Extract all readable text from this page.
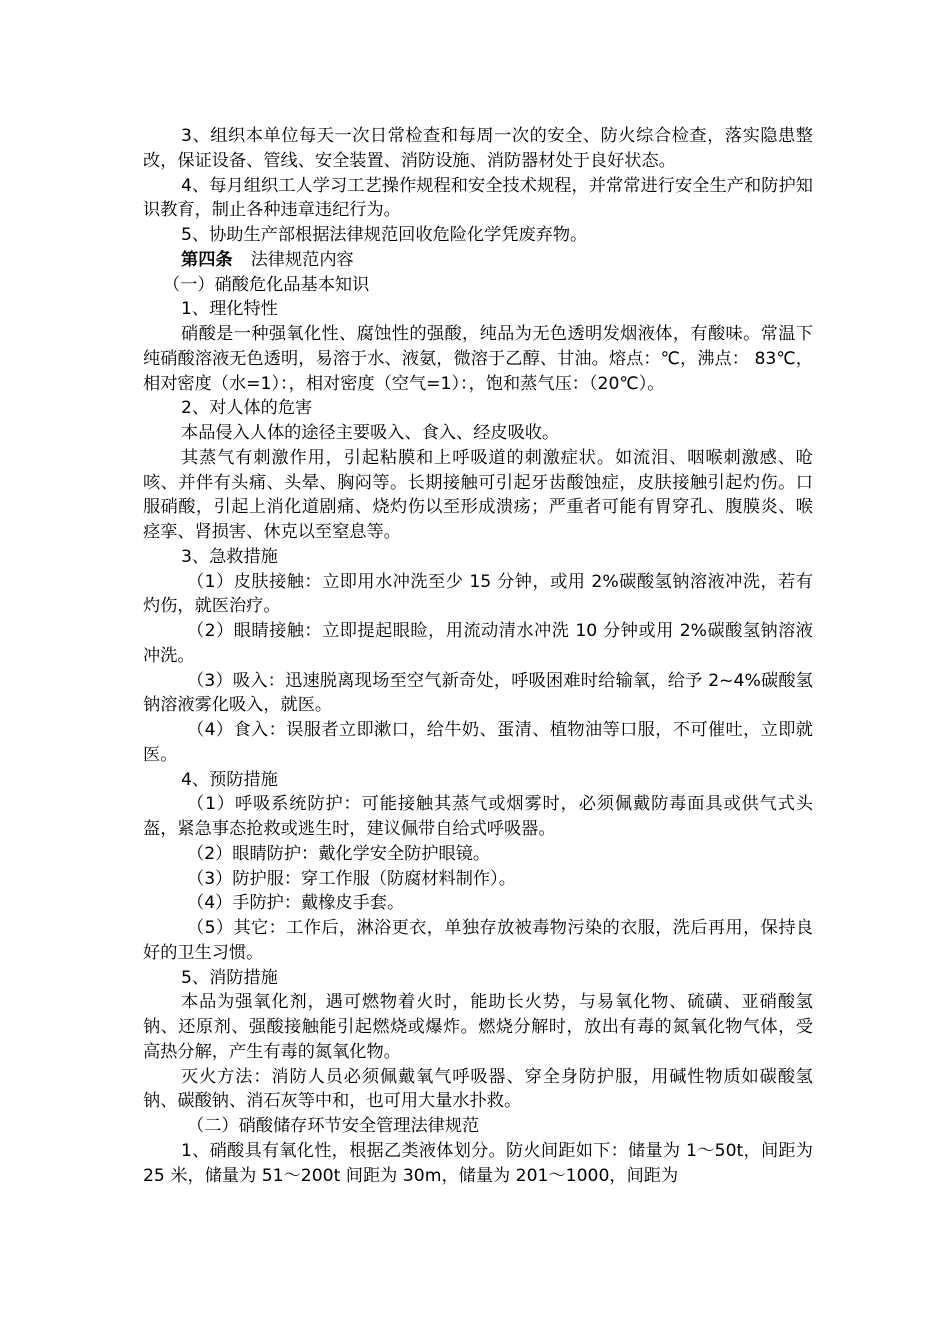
3、组织本单位每天一次日常检查和每周一次的安全、防火综合检查，落实隐患整改，保证设备、管线、安全装置、消防设施、消防器材处于良好状态。

4、每月组织工人学习工艺操作规程和安全技术规程，并常常进行安全生产和防护知识教育，制止各种违章违纪行为。

5、协助生产部根据法律规范回收危险化学凭废弃物。

第四条 法律规范内容

（一）硝酸危化品基本知识

1、理化特性

硝酸是一种强氧化性、腐蚀性的强酸，纯品为无色透明发烟液体，有酸味。常温下纯硝酸溶液无色透明，易溶于水、液氨，微溶于乙醇、甘油。熔点：℃，沸点： 83℃，相对密度（水=1）：，相对密度（空气=1）：，饱和蒸气压：（20℃）。

2、对人体的危害

本品侵入人体的途径主要吸入、食入、经皮吸收。

其蒸气有刺激作用，引起粘膜和上呼吸道的刺激症状。如流泪、咽喉刺激感、呛咳、并伴有头痛、头晕、胸闷等。长期接触可引起牙齿酸蚀症，皮肤接触引起灼伤。口服硝酸，引起上消化道剧痛、烧灼伤以至形成溃疡；严重者可能有胃穿孔、腹膜炎、喉痉挛、肾损害、休克以至窒息等。

3、急救措施

（1）皮肤接触：立即用水冲洗至少 15 分钟，或用 2%碳酸氢钠溶液冲洗，若有灼伤，就医治疗。

（2）眼睛接触：立即提起眼睑，用流动清水冲洗 10 分钟或用 2%碳酸氢钠溶液冲洗。

（3）吸入：迅速脱离现场至空气新奇处，呼吸困难时给输氧，给予 2~4%碳酸氢钠溶液雾化吸入，就医。

（4）食入：误服者立即漱口，给牛奶、蛋清、植物油等口服，不可催吐，立即就医。

4、预防措施

（1）呼吸系统防护：可能接触其蒸气或烟雾时，必须佩戴防毒面具或供气式头盔，紧急事态抢救或逃生时，建议佩带自给式呼吸器。

（2）眼睛防护：戴化学安全防护眼镜。

（3）防护服：穿工作服（防腐材料制作）。

（4）手防护：戴橡皮手套。

（5）其它：工作后，淋浴更衣，单独存放被毒物污染的衣服，洗后再用，保持良好的卫生习惯。

5、消防措施

本品为强氧化剂，遇可燃物着火时，能助长火势，与易氧化物、硫磺、亚硝酸氢钠、还原剂、强酸接触能引起燃烧或爆炸。燃烧分解时，放出有毒的氮氧化物气体，受高热分解，产生有毒的氮氧化物。

灭火方法：消防人员必须佩戴氧气呼吸器、穿全身防护服，用碱性物质如碳酸氢钠、碳酸钠、消石灰等中和，也可用大量水扑救。

（二）硝酸储存环节安全管理法律规范

1、硝酸具有氧化性，根据乙类液体划分。防火间距如下：储量为 1～50t，间距为 25 米，储量为 51～200t 间距为 30m，储量为 201～1000，间距为
